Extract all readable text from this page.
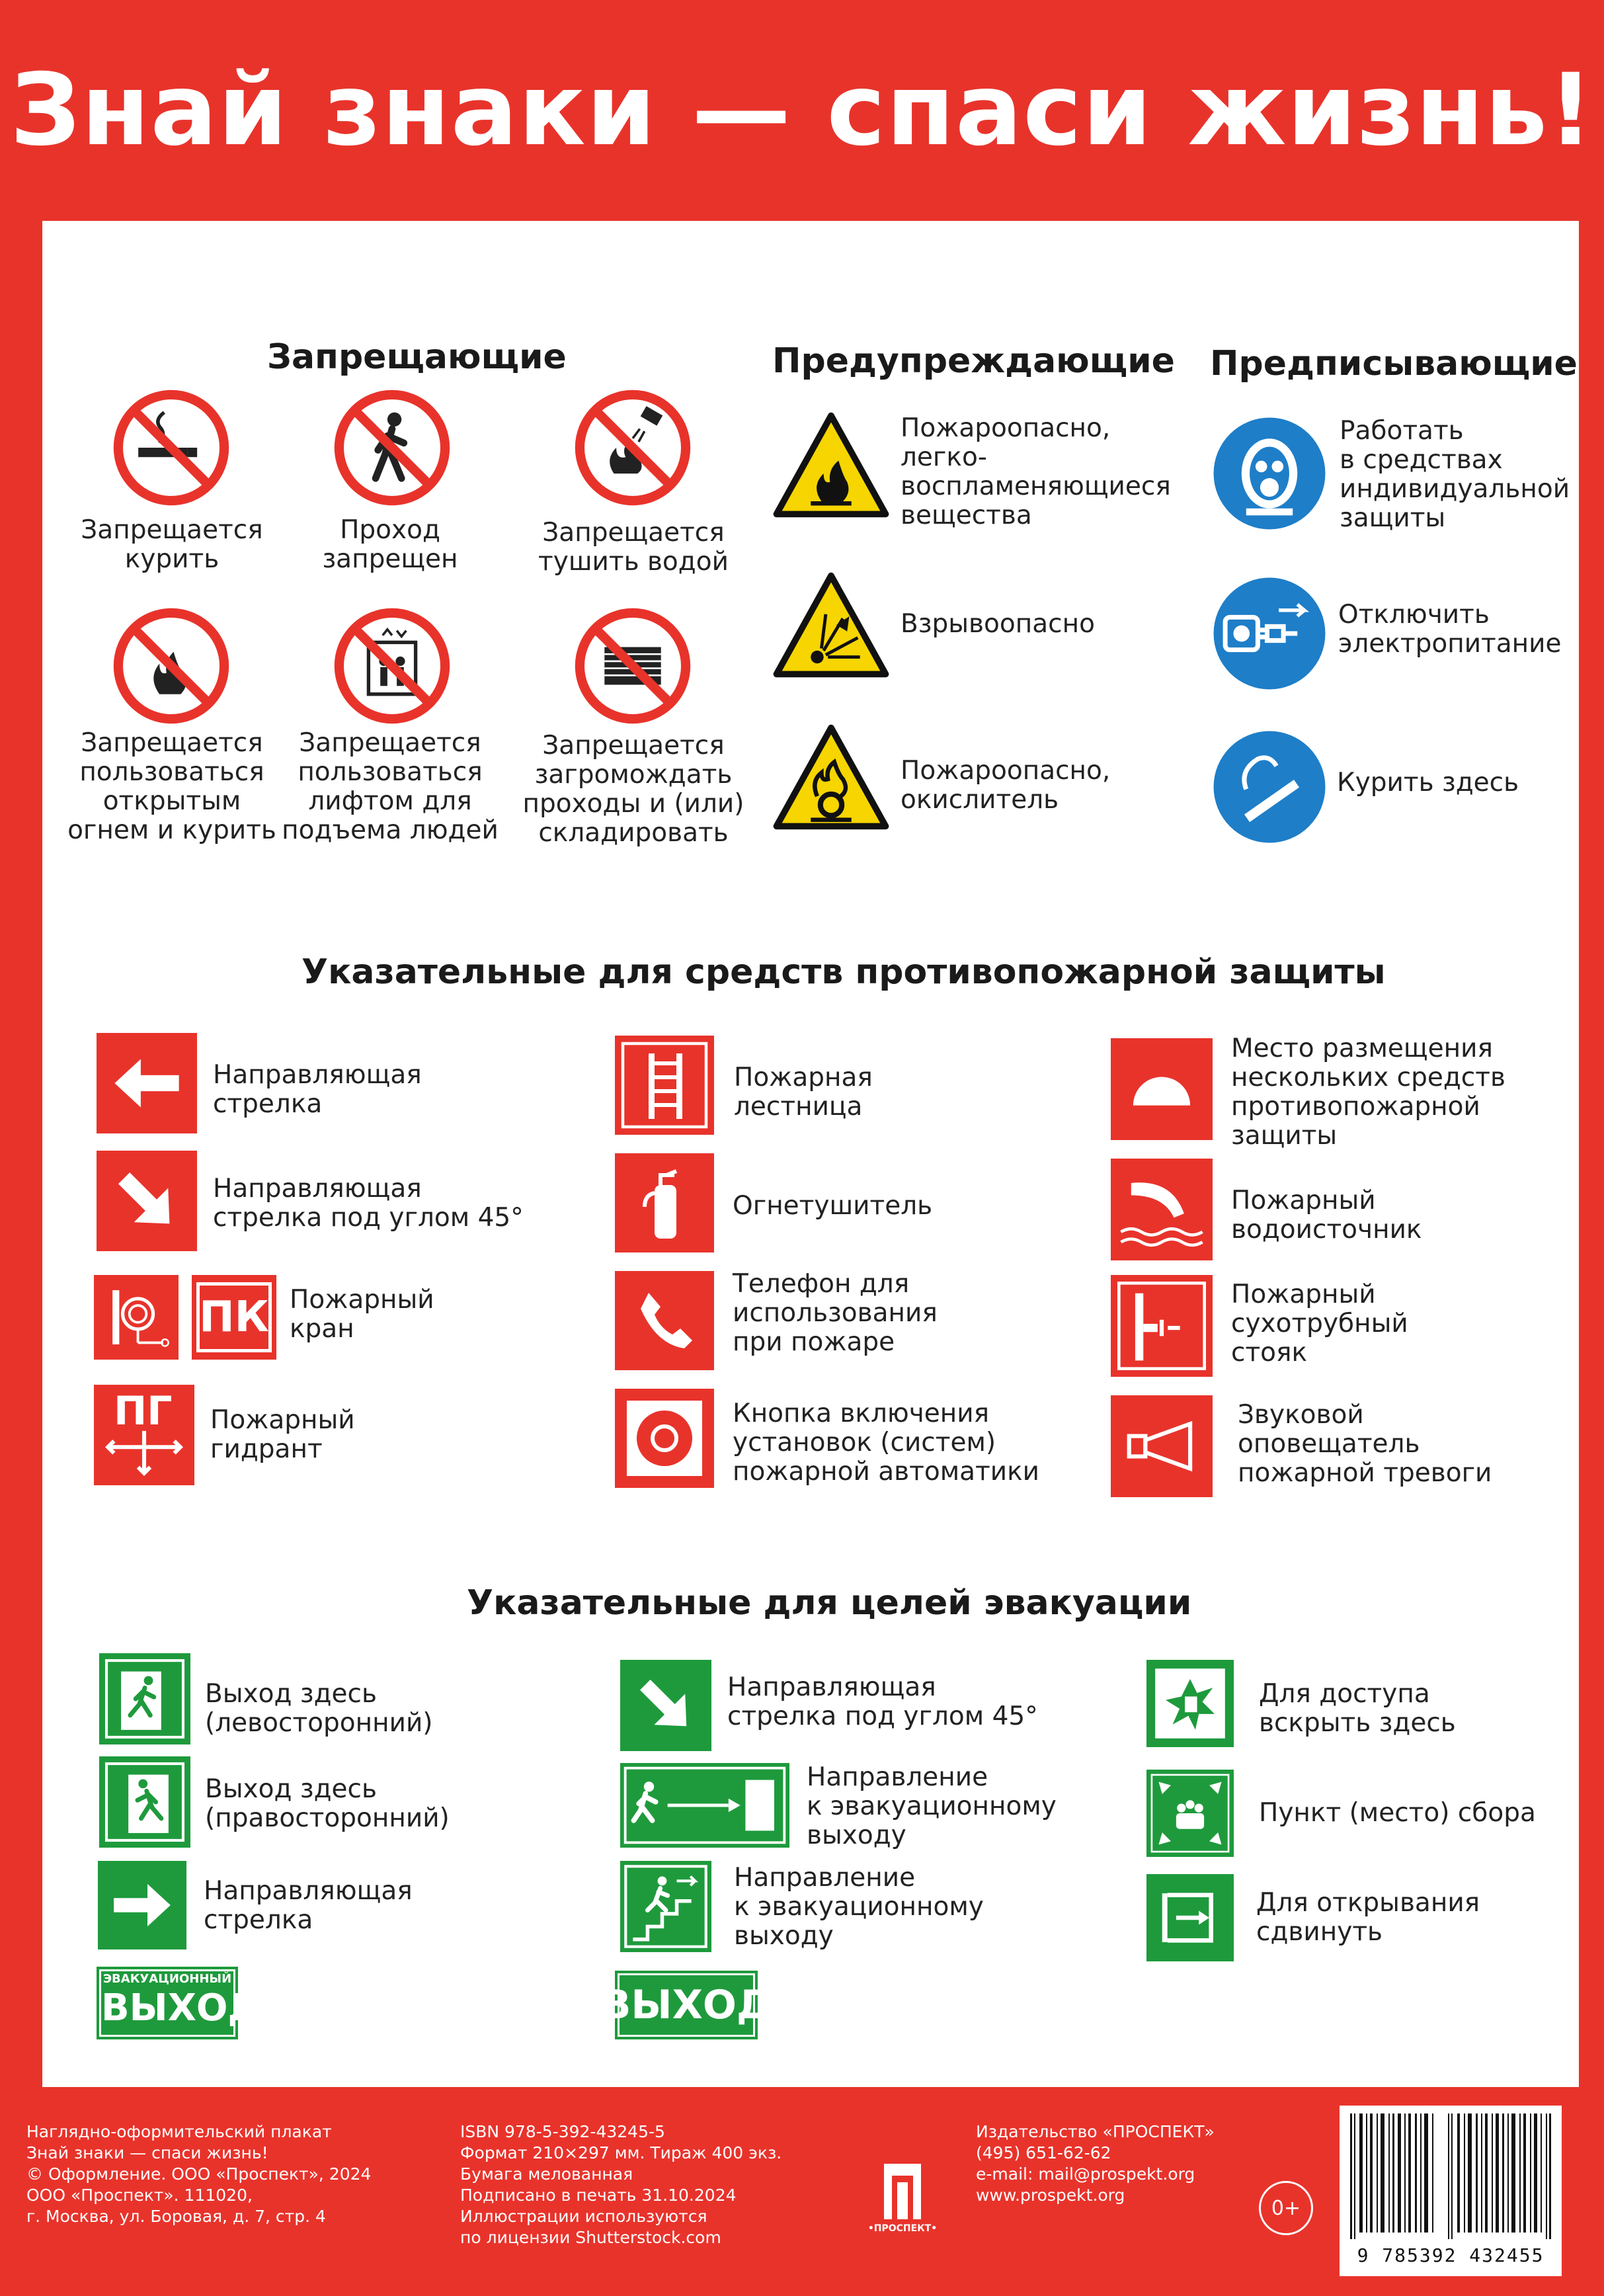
Знай знаки — спаси жизнь!
Запрещающие
Запрещается
курить
Проход
запрещен
Запрещается
тушить водой
Запрещается
пользоваться
открытым
огнем и курить
Запрещается
пользоваться
лифтом для
подъема людей
Запрещается
загромождать
проходы и (или)
складировать
Предупреждающие
Пожароопасно,
легко-
воспламеняющиеся
вещества
Взрывоопасно
Пожароопасно,
окислитель
Предписывающие
Работать
в средствах
индивидуальной
защиты
Отключить
электропитание
Курить здесь
Указательные для средств противопожарной защиты
Направляющая
стрелка
Направляющая
стрелка под углом 45°
ПК Пожарный
кран
ПГ Пожарный
гидрант
Пожарная
лестница
Огнетушитель
Телефон для
использования
при пожаре
Кнопка включения
установок (систем)
пожарной автоматики
Место размещения
нескольких средств
противопожарной
защиты
Пожарный
водоисточник
Пожарный
сухотрубный
стояк
Звуковой
оповещатель
пожарной тревоги
Указательные для целей эвакуации
Выход здесь
(левосторонний)
Выход здесь
(правосторонний)
Направляющая
стрелка
ЭВАКУАЦИОННЫЙ
ВЫХОД
Направляющая
стрелка под углом 45°
Направление
к эвакуационному
выходу
Направление
к эвакуационному
выходу
ВЫХОД
Для доступа
вскрыть здесь
Пункт (место) сбора
Для открывания
сдвинуть
Наглядно-оформительский плакат
Знай знаки — спаси жизнь!
© Оформление. ООО «Проспект», 2024
ООО «Проспект». 111020,
г. Москва, ул. Боровая, д. 7, стр. 4
ISBN 978-5-392-43245-5
Формат 210×297 мм. Тираж 400 экз.
Бумага мелованная
Подписано в печать 31.10.2024
Иллюстрации используются
по лицензии Shutterstock.com	•ПРОСПЕКТ•
Издательство «ПРОСПЕКТ»
(495) 651-62-62
e-mail: mail@prospekt.org
www.prospekt.org
0+
9 785392 432455
